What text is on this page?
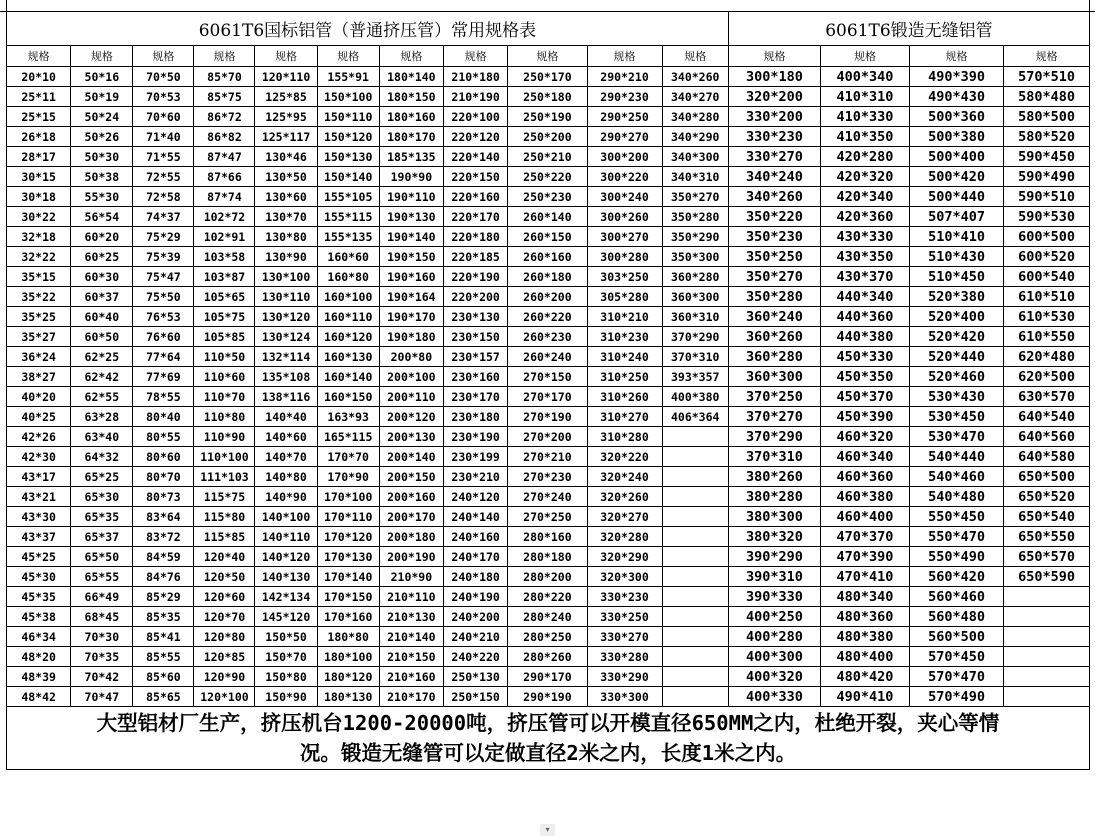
6061T6国标铝管（普通挤压管）常用规格表											6061T6锻造无缝铝管			
规格	规格	规格	规格	规格	规格	规格	规格	规格	规格	规格	规格	规格	规格	规格
20*10	50*16	70*50	85*70	120*110	155*91	180*140	210*180	250*170	290*210	340*260	300*180	400*340	490*390	570*510
25*11	50*19	70*53	85*75	125*85	150*100	180*150	210*190	250*180	290*230	340*270	320*200	410*310	490*430	580*480
25*15	50*24	70*60	86*72	125*95	150*110	180*160	220*100	250*190	290*250	340*280	330*200	410*330	500*360	580*500
26*18	50*26	71*40	86*82	125*117	150*120	180*170	220*120	250*200	290*270	340*290	330*230	410*350	500*380	580*520
28*17	50*30	71*55	87*47	130*46	150*130	185*135	220*140	250*210	300*200	340*300	330*270	420*280	500*400	590*450
30*15	50*38	72*55	87*66	130*50	150*140	190*90	220*150	250*220	300*220	340*310	340*240	420*320	500*420	590*490
30*18	55*30	72*58	87*74	130*60	155*105	190*110	220*160	250*230	300*240	350*270	340*260	420*340	500*440	590*510
30*22	56*54	74*37	102*72	130*70	155*115	190*130	220*170	260*140	300*260	350*280	350*220	420*360	507*407	590*530
32*18	60*20	75*29	102*91	130*80	155*135	190*140	220*180	260*150	300*270	350*290	350*230	430*330	510*410	600*500
32*22	60*25	75*39	103*58	130*90	160*60	190*150	220*185	260*160	300*280	350*300	350*250	430*350	510*430	600*520
35*15	60*30	75*47	103*87	130*100	160*80	190*160	220*190	260*180	303*250	360*280	350*270	430*370	510*450	600*540
35*22	60*37	75*50	105*65	130*110	160*100	190*164	220*200	260*200	305*280	360*300	350*280	440*340	520*380	610*510
35*25	60*40	76*53	105*75	130*120	160*110	190*170	230*130	260*220	310*210	360*310	360*240	440*360	520*400	610*530
35*27	60*50	76*60	105*85	130*124	160*120	190*180	230*150	260*230	310*230	370*290	360*260	440*380	520*420	610*550
36*24	62*25	77*64	110*50	132*114	160*130	200*80	230*157	260*240	310*240	370*310	360*280	450*330	520*440	620*480
38*27	62*42	77*69	110*60	135*108	160*140	200*100	230*160	270*150	310*250	393*357	360*300	450*350	520*460	620*500
40*20	62*55	78*55	110*70	138*116	160*150	200*110	230*170	270*170	310*260	400*380	370*250	450*370	530*430	630*570
40*25	63*28	80*40	110*80	140*40	163*93	200*120	230*180	270*190	310*270	406*364	370*270	450*390	530*450	640*540
42*26	63*40	80*55	110*90	140*60	165*115	200*130	230*190	270*200	310*280		370*290	460*320	530*470	640*560
42*30	64*32	80*60	110*100	140*70	170*70	200*140	230*199	270*210	320*220		370*310	460*340	540*440	640*580
43*17	65*25	80*70	111*103	140*80	170*90	200*150	230*210	270*230	320*240		380*260	460*360	540*460	650*500
43*21	65*30	80*73	115*75	140*90	170*100	200*160	240*120	270*240	320*260		380*280	460*380	540*480	650*520
43*30	65*35	83*64	115*80	140*100	170*110	200*170	240*140	270*250	320*270		380*300	460*400	550*450	650*540
43*37	65*37	83*72	115*85	140*110	170*120	200*180	240*160	280*160	320*280		380*320	470*370	550*470	650*550
45*25	65*50	84*59	120*40	140*120	170*130	200*190	240*170	280*180	320*290		390*290	470*390	550*490	650*570
45*30	65*55	84*76	120*50	140*130	170*140	210*90	240*180	280*200	320*300		390*310	470*410	560*420	650*590
45*35	66*49	85*29	120*60	142*134	170*150	210*110	240*190	280*220	330*230		390*330	480*340	560*460	
45*38	68*45	85*35	120*70	145*120	170*160	210*130	240*200	280*240	330*250		400*250	480*360	560*480	
46*34	70*30	85*41	120*80	150*50	180*80	210*140	240*210	280*250	330*270		400*280	480*380	560*500	
48*20	70*35	85*55	120*85	150*70	180*100	210*150	240*220	280*260	330*280		400*300	480*400	570*450	
48*39	70*42	85*60	120*90	150*80	180*120	210*160	250*130	290*170	330*290		400*320	480*420	570*470	
48*42	70*47	85*65	120*100	150*90	180*130	210*170	250*150	290*190	330*300		400*330	490*410	570*490	

大型铝材厂生产，挤压机台1200-20000吨，挤压管可以开模直径650MM之内，杜绝开裂，夹心等情
况。锻造无缝管可以定做直径2米之内，长度1米之内。														
▾
